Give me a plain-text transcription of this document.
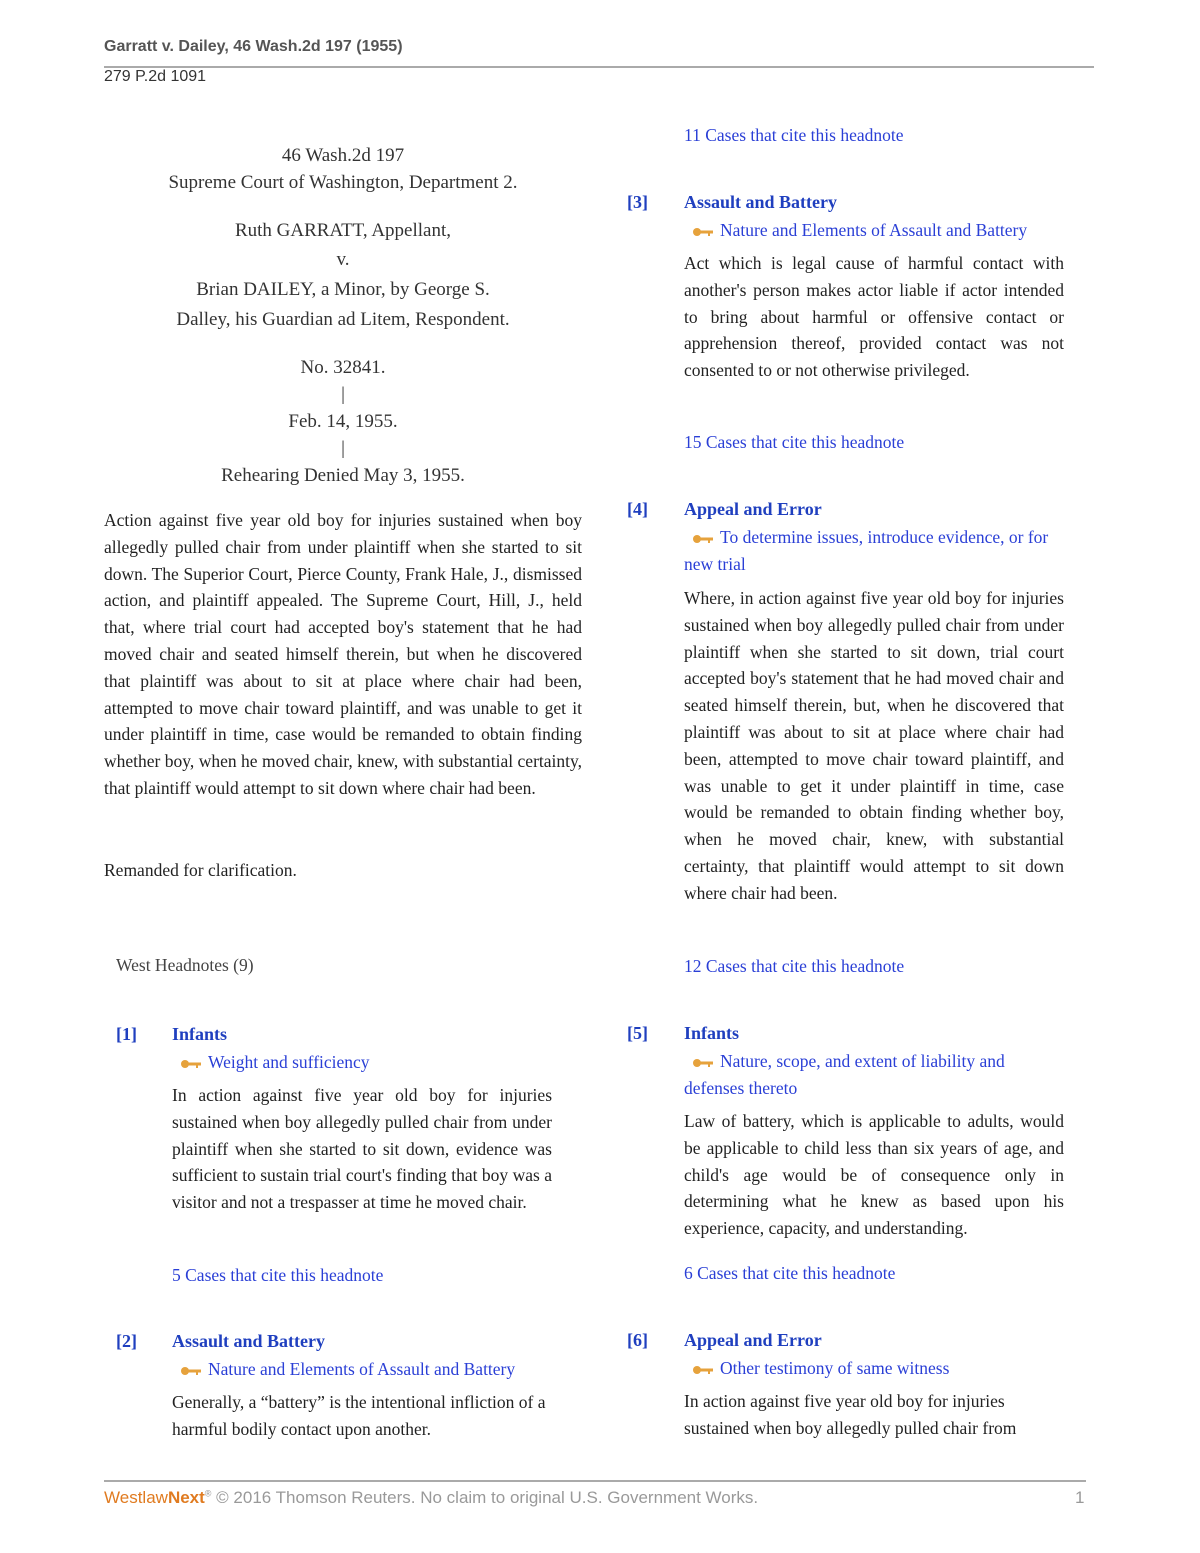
Garratt v. Dailey, 46 Wash.2d 197 (1955)
279 P.2d 1091
46 Wash.2d 197
Supreme Court of Washington, Department 2.
Ruth GARRATT, Appellant,
v.
Brian DAILEY, a Minor, by George S.
Dalley, his Guardian ad Litem, Respondent.
No. 32841.
|
Feb. 14, 1955.
|
Rehearing Denied May 3, 1955.
Action against five year old boy for injuries sustained when boy allegedly pulled chair from under plaintiff when she started to sit down. The Superior Court, Pierce County, Frank Hale, J., dismissed action, and plaintiff appealed. The Supreme Court, Hill, J., held that, where trial court had accepted boy's statement that he had moved chair and seated himself therein, but when he discovered that plaintiff was about to sit at place where chair had been, attempted to move chair toward plaintiff, and was unable to get it under plaintiff in time, case would be remanded to obtain finding whether boy, when he moved chair, knew, with substantial certainty, that plaintiff would attempt to sit down where chair had been.
Remanded for clarification.
West Headnotes (9)
[1] Infants
Weight and sufficiency
In action against five year old boy for injuries sustained when boy allegedly pulled chair from under plaintiff when she started to sit down, evidence was sufficient to sustain trial court's finding that boy was a visitor and not a trespasser at time he moved chair.
5 Cases that cite this headnote
[2] Assault and Battery
Nature and Elements of Assault and Battery
Generally, a “battery” is the intentional infliction of a harmful bodily contact upon another.
11 Cases that cite this headnote
[3] Assault and Battery
Nature and Elements of Assault and Battery
Act which is legal cause of harmful contact with another's person makes actor liable if actor intended to bring about harmful or offensive contact or apprehension thereof, provided contact was not consented to or not otherwise privileged.
15 Cases that cite this headnote
[4] Appeal and Error
To determine issues, introduce evidence, or for new trial
Where, in action against five year old boy for injuries sustained when boy allegedly pulled chair from under plaintiff when she started to sit down, trial court accepted boy's statement that he had moved chair and seated himself therein, but, when he discovered that plaintiff was about to sit at place where chair had been, attempted to move chair toward plaintiff, and was unable to get it under plaintiff in time, case would be remanded to obtain finding whether boy, when he moved chair, knew, with substantial certainty, that plaintiff would attempt to sit down where chair had been.
12 Cases that cite this headnote
[5] Infants
Nature, scope, and extent of liability and defenses thereto
Law of battery, which is applicable to adults, would be applicable to child less than six years of age, and child's age would be of consequence only in determining what he knew as based upon his experience, capacity, and understanding.
6 Cases that cite this headnote
[6] Appeal and Error
Other testimony of same witness
In action against five year old boy for injuries sustained when boy allegedly pulled chair from
WestlawNext® © 2016 Thomson Reuters. No claim to original U.S. Government Works.	1
